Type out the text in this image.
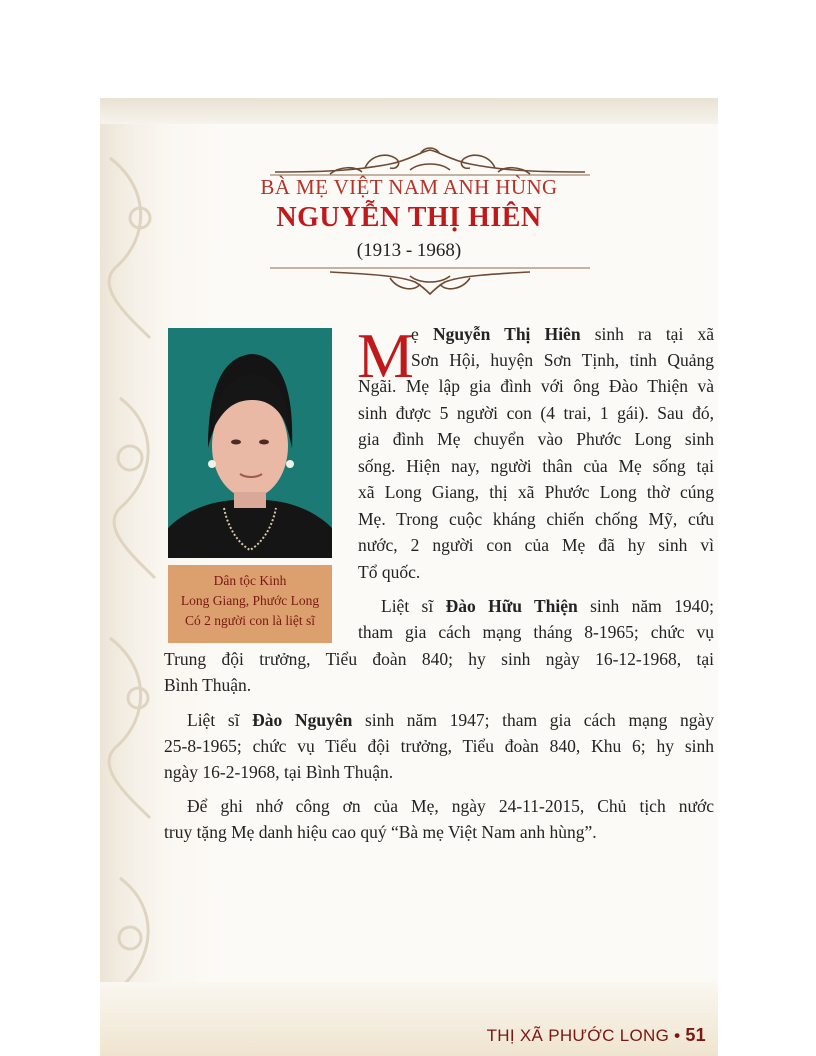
BÀ MẸ VIỆT NAM ANH HÙNG
NGUYỄN THỊ HIÊN
(1913 - 1968)
Dân tộc Kinh
Long Giang, Phước Long
Có 2 người con là liệt sĩ
M
ẹ Nguyễn Thị Hiên sinh ra tại xã
Sơn Hội, huyện Sơn Tịnh, tỉnh Quảng
Ngãi. Mẹ lập gia đình với ông Đào Thiện và
sinh được 5 người con (4 trai, 1 gái). Sau đó,
gia đình Mẹ chuyển vào Phước Long sinh
sống. Hiện nay, người thân của Mẹ sống tại
xã Long Giang, thị xã Phước Long thờ cúng
Mẹ. Trong cuộc kháng chiến chống Mỹ, cứu
nước, 2 người con của Mẹ đã hy sinh vì
Tổ quốc.
Liệt sĩ Đào Hữu Thiện sinh năm 1940;
tham gia cách mạng tháng 8-1965; chức vụ
Trung đội trưởng, Tiểu đoàn 840; hy sinh ngày 16-12-1968, tại
Bình Thuận.
Liệt sĩ Đào Nguyên sinh năm 1947; tham gia cách mạng ngày
25-8-1965; chức vụ Tiểu đội trưởng, Tiểu đoàn 840, Khu 6; hy sinh
ngày 16-2-1968, tại Bình Thuận.
Để ghi nhớ công ơn của Mẹ, ngày 24-11-2015, Chủ tịch nước
truy tặng Mẹ danh hiệu cao quý “Bà mẹ Việt Nam anh hùng”.
THỊ XÃ PHƯỚC LONG • 51
